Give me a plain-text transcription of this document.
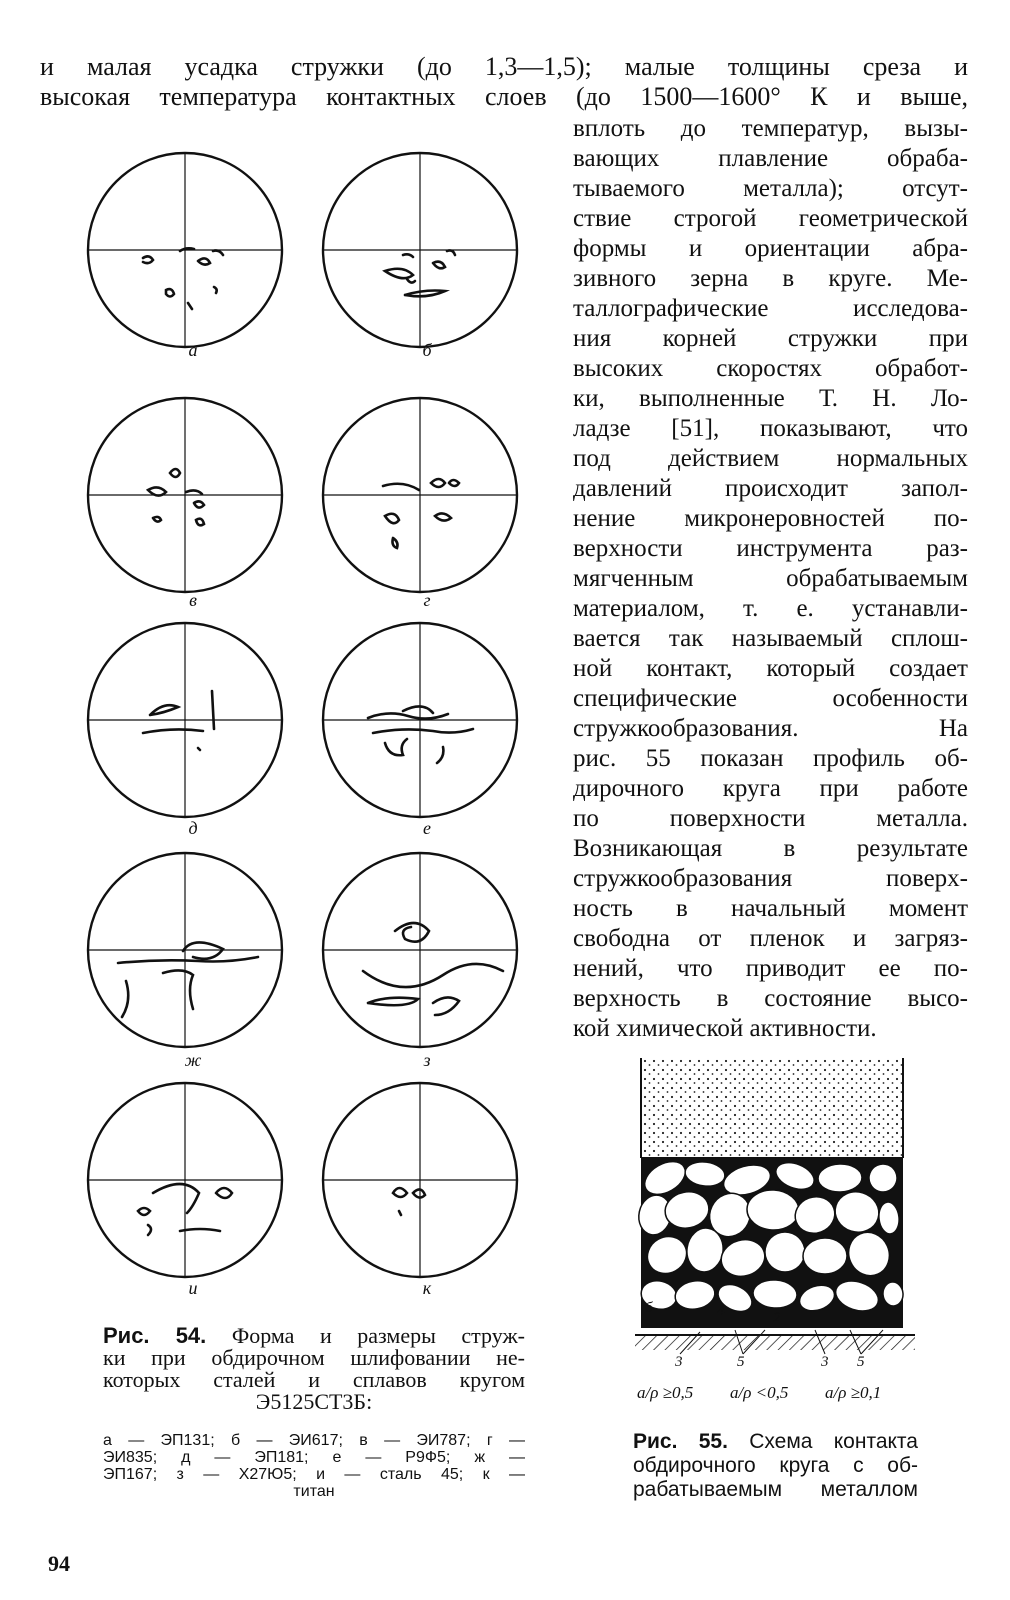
и малая усадка стружки (до 1,3—1,5); малые толщины среза и
высокая температура контактных слоев (до 1500—1600° К и выше,
вплоть до температур, вызы-
вающих плавление обраба-
тываемого металла); отсут-
ствие строгой геометрической
формы и ориентации абра-
зивного зерна в круге. Ме-
таллографические исследова-
ния корней стружки при
высоких скоростях обработ-
ки, выполненные Т. Н. Ло-
ладзе [51], показывают, что
под действием нормальных
давлений происходит запол-
нение микронеровностей по-
верхности инструмента раз-
мягченным обрабатываемым
материалом, т. е. устанавли-
вается так называемый сплош-
ной контакт, который создает
специфические особенности
стружкообразования. На
рис. 55 показан профиль об-
дирочного круга при работе
по поверхности металла.
Возникающая в результате
стружкообразования поверх-
ность в начальный момент
свободна от пленок и загряз-
нений, что приводит ее по-
верхность в состояние высо-
кой химической активности.
а	б
в	г
д	е
ж	з
и	к
Рис. 54. Форма и размеры струж-
ки при обдирочном шлифовании не-
которых сталей и сплавов кругом
Э5125СТ3Б:
а — ЭП131; б — ЭИ617; в — ЭИ787; г —
ЭИ835; д — ЭП181; е — Р9Ф5; ж —
ЭП167; з — Х27Ю5; и — сталь 45; к —
титан
б	4	2
3	5	3 5
a/ρ ≥0,5 a/ρ <0,5 a/ρ ≥0,1
Рис. 55. Схема контакта
обдирочного круга с об-
рабатываемым металлом
94
